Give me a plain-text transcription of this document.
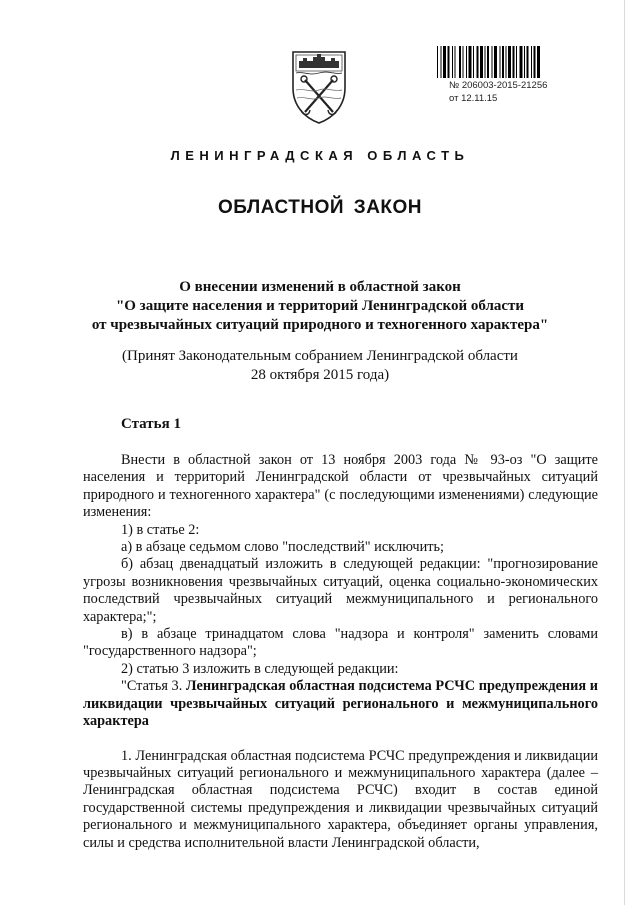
№ 206003-2015-21256
от 12.11.15
ЛЕНИНГРАДСКАЯ ОБЛАСТЬ
ОБЛАСТНОЙ ЗАКОН
О внесении изменений в областной закон
"О защите населения и территорий Ленинградской области
от чрезвычайных ситуаций природного и техногенного характера"
(Принят Законодательным собранием Ленинградской области
28 октября 2015 года)
Статья 1

Внести в областной закон от 13 ноября 2003 года № 93-оз "О защите населения и территорий Ленинградской области от чрезвычайных ситуаций природного и техногенного характера" (с последующими изменениями) следующие изменения:

1) в статье 2:

а) в абзаце седьмом слово "последствий" исключить;

б) абзац двенадцатый изложить в следующей редакции: "прогнозирование угрозы возникновения чрезвычайных ситуаций, оценка социально-экономических последствий чрезвычайных ситуаций межмуниципального и регионального характера;";

в) в абзаце тринадцатом слова "надзора и контроля" заменить словами "государственного надзора";

2) статью 3 изложить в следующей редакции:

"Статья 3. Ленинградская областная подсистема РСЧС предупреждения и ликвидации чрезвычайных ситуаций регионального и межмуниципального характера

1. Ленинградская областная подсистема РСЧС предупреждения и ликвидации чрезвычайных ситуаций регионального и межмуниципального характера (далее – Ленинградская областная подсистема РСЧС) входит в состав единой государственной системы предупреждения и ликвидации чрезвычайных ситуаций регионального и межмуниципального характера, объединяет органы управления, силы и средства исполнительной власти Ленинградской области,
